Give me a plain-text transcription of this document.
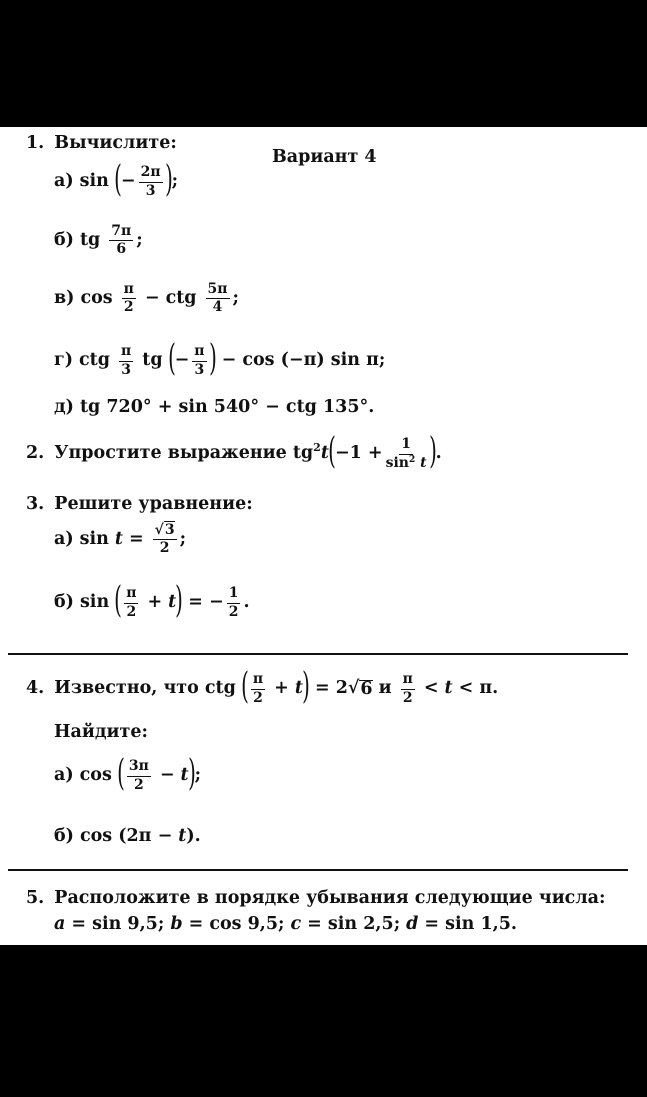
Вариант 4
1. Вычислите:
а) sin ( − $\frac{2\pi}{3}$ ) ;
б) tg $\frac{7\pi}{6}$ ;
в) $\cos \frac{\pi}{2}$ − ctg $\frac{5\pi}{4}$ ;
г) ctg $\frac{\pi}{3}$ tg ( − $\frac{\pi}{3}$ ) − cos (−π) sin π;
д) tg 720° + sin 540° − ctg 135°.
2. Упростите выражение tg 2 t ( $-1 + \frac{1}{\sin^2 t}$ ) .
3. Решите уравнение:
а) $\sin t = \frac{√3}{2}$ ;
б) sin ( $\frac{\pi}{2} + t$ ) = − $\frac{1}{2}$ .
4. Известно, что ctg ( $\frac{\pi}{2} + t$ ) = 2 √ 6 и $\frac{\pi}{2} < t < \pi$.
Найдите:
а) cos ( $\frac{3\pi}{2} - t$ ) ;
б) cos (2π − t ).
5. Расположите в порядке убывания следующие числа:
a = sin 9,5; b = cos 9,5; c = sin 2,5; d = sin 1,5.
